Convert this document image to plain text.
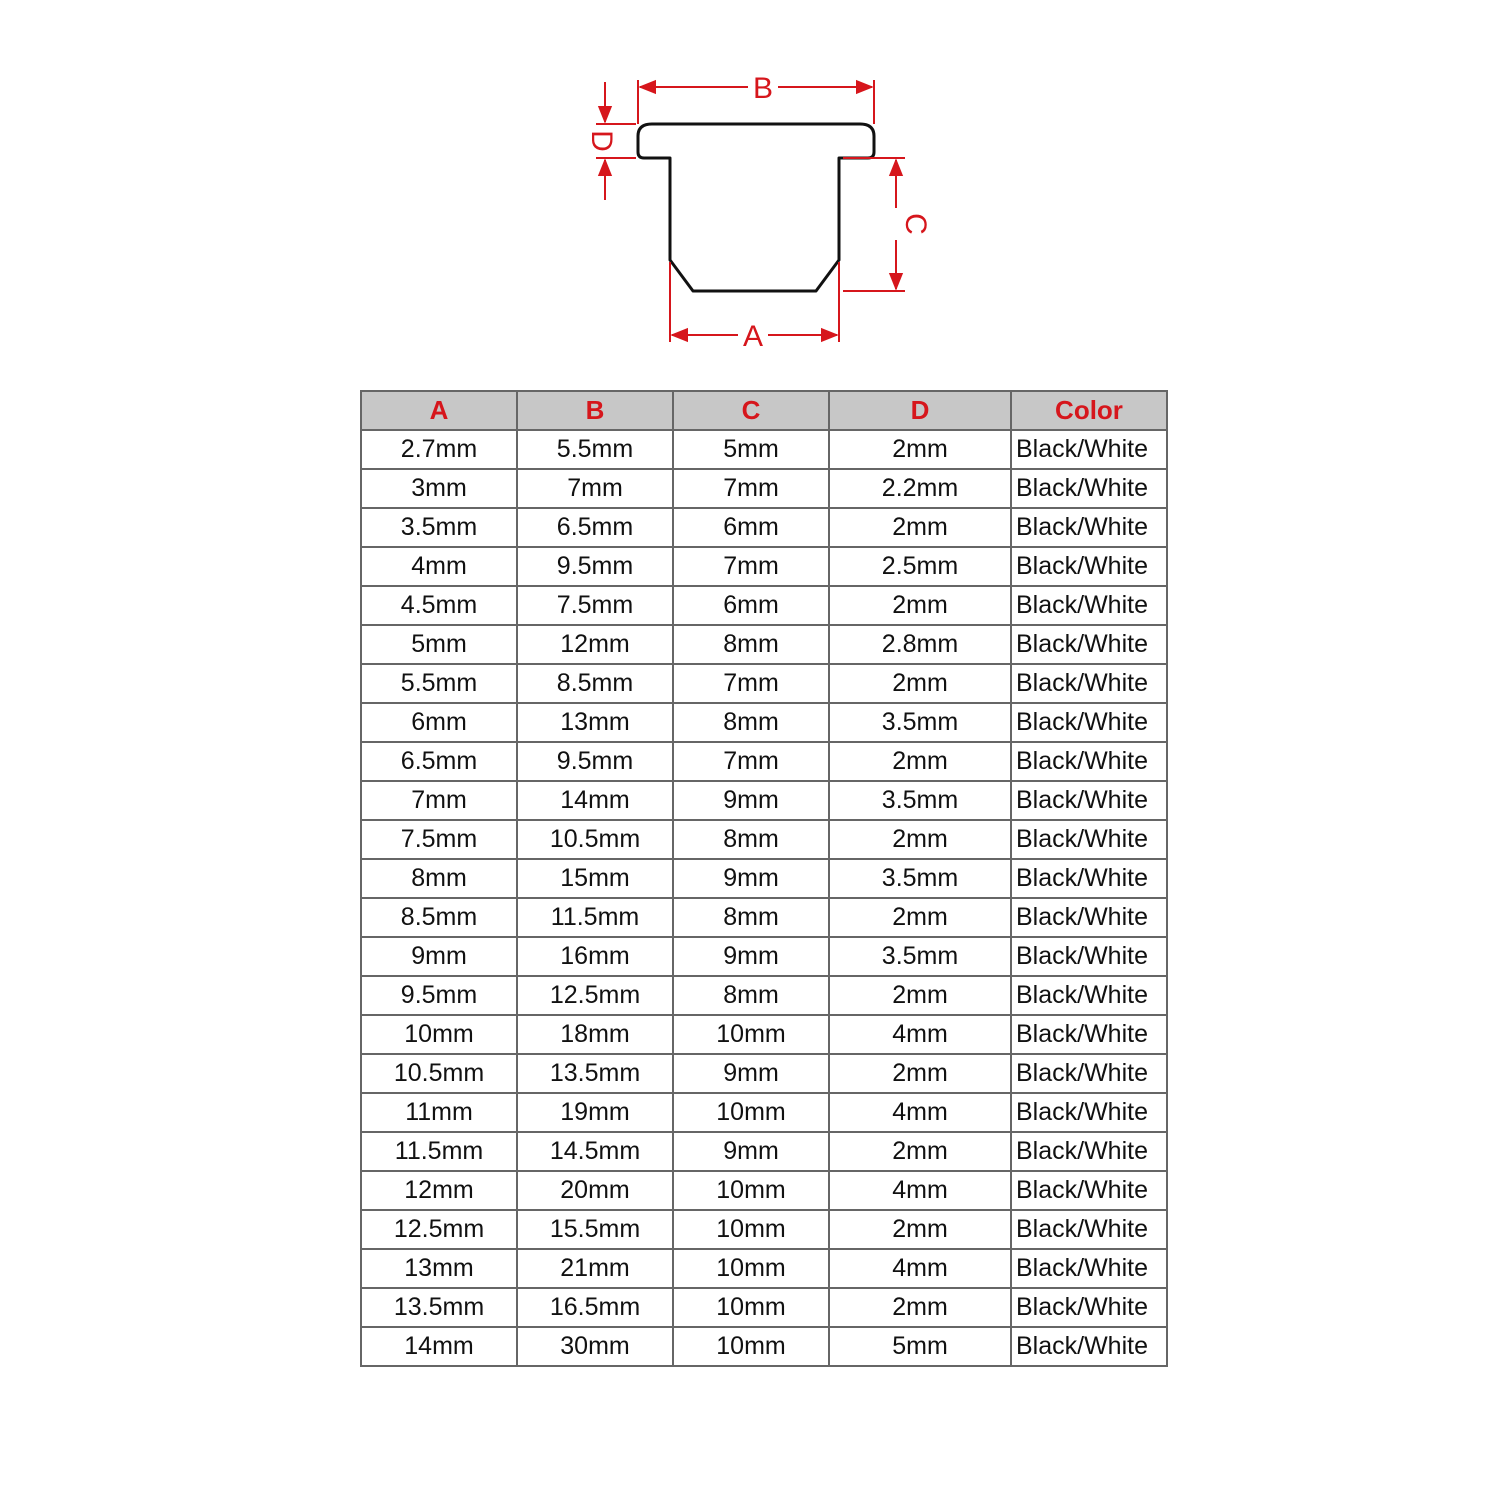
B
A
C
D
A	B	C	D	Color
2.7mm	5.5mm	5mm	2mm	Black/White
3mm	7mm	7mm	2.2mm	Black/White
3.5mm	6.5mm	6mm	2mm	Black/White
4mm	9.5mm	7mm	2.5mm	Black/White
4.5mm	7.5mm	6mm	2mm	Black/White
5mm	12mm	8mm	2.8mm	Black/White
5.5mm	8.5mm	7mm	2mm	Black/White
6mm	13mm	8mm	3.5mm	Black/White
6.5mm	9.5mm	7mm	2mm	Black/White
7mm	14mm	9mm	3.5mm	Black/White
7.5mm	10.5mm	8mm	2mm	Black/White
8mm	15mm	9mm	3.5mm	Black/White
8.5mm	11.5mm	8mm	2mm	Black/White
9mm	16mm	9mm	3.5mm	Black/White
9.5mm	12.5mm	8mm	2mm	Black/White
10mm	18mm	10mm	4mm	Black/White
10.5mm	13.5mm	9mm	2mm	Black/White
11mm	19mm	10mm	4mm	Black/White
11.5mm	14.5mm	9mm	2mm	Black/White
12mm	20mm	10mm	4mm	Black/White
12.5mm	15.5mm	10mm	2mm	Black/White
13mm	21mm	10mm	4mm	Black/White
13.5mm	16.5mm	10mm	2mm	Black/White
14mm	30mm	10mm	5mm	Black/White
